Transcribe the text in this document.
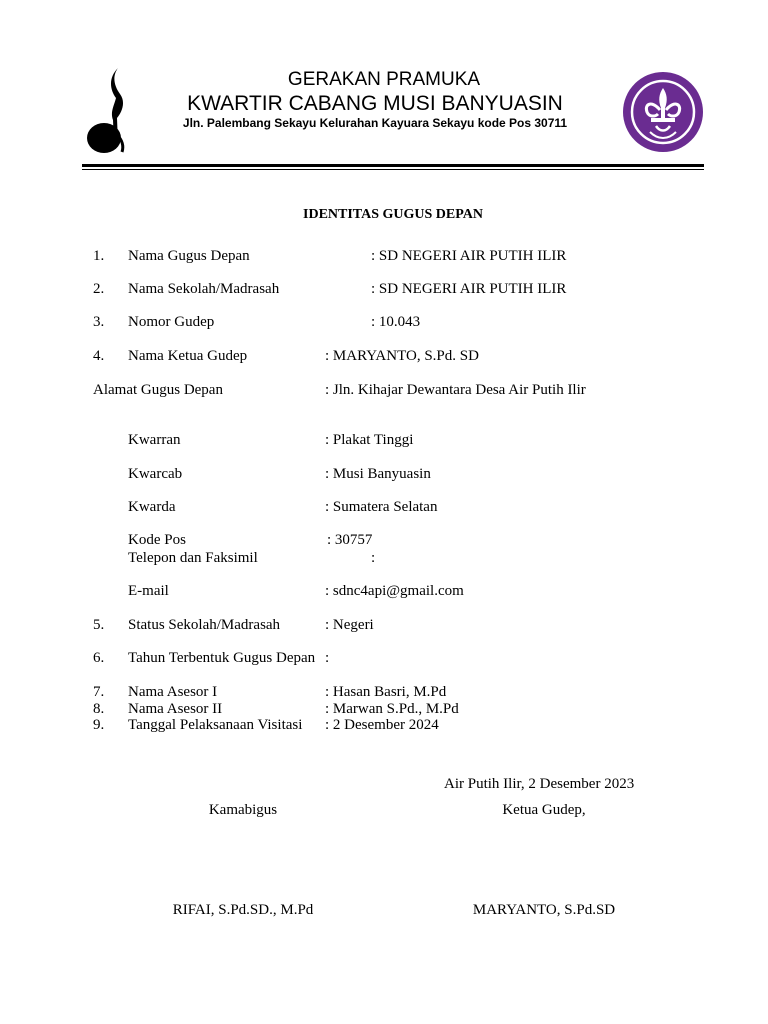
GERAKAN PRAMUKA
KWARTIR CABANG MUSI BANYUASIN
Jln. Palembang Sekayu Kelurahan Kayuara Sekayu kode Pos 30711
IDENTITAS GUGUS DEPAN
1. Nama Gugus Depan	: SD NEGERI AIR PUTIH ILIR
2. Nama Sekolah/Madrasah	: SD NEGERI AIR PUTIH ILIR
3. Nomor Gudep	: 10.043
4. Nama Ketua Gudep	: MARYANTO, S.Pd. SD
Alamat Gugus Depan	: Jln. Kihajar Dewantara Desa Air Putih Ilir
Kwarran	: Plakat Tinggi
Kwarcab	: Musi Banyuasin
Kwarda	: Sumatera Selatan
Kode Pos	: 30757
Telepon dan Faksimil	:
E-mail	: sdnc4api@gmail.com
5. Status Sekolah/Madrasah	: Negeri
6. Tahun Terbentuk Gugus Depan :
7. Nama Asesor I	: Hasan Basri, M.Pd
8. Nama Asesor II	: Marwan S.Pd., M.Pd
9. Tanggal Pelaksanaan Visitasi : 2 Desember 2024
Air Putih Ilir, 2 Desember 2023
Kamabigus	Ketua Gudep,
RIFAI, S.Pd.SD., M.Pd	MARYANTO, S.Pd.SD
